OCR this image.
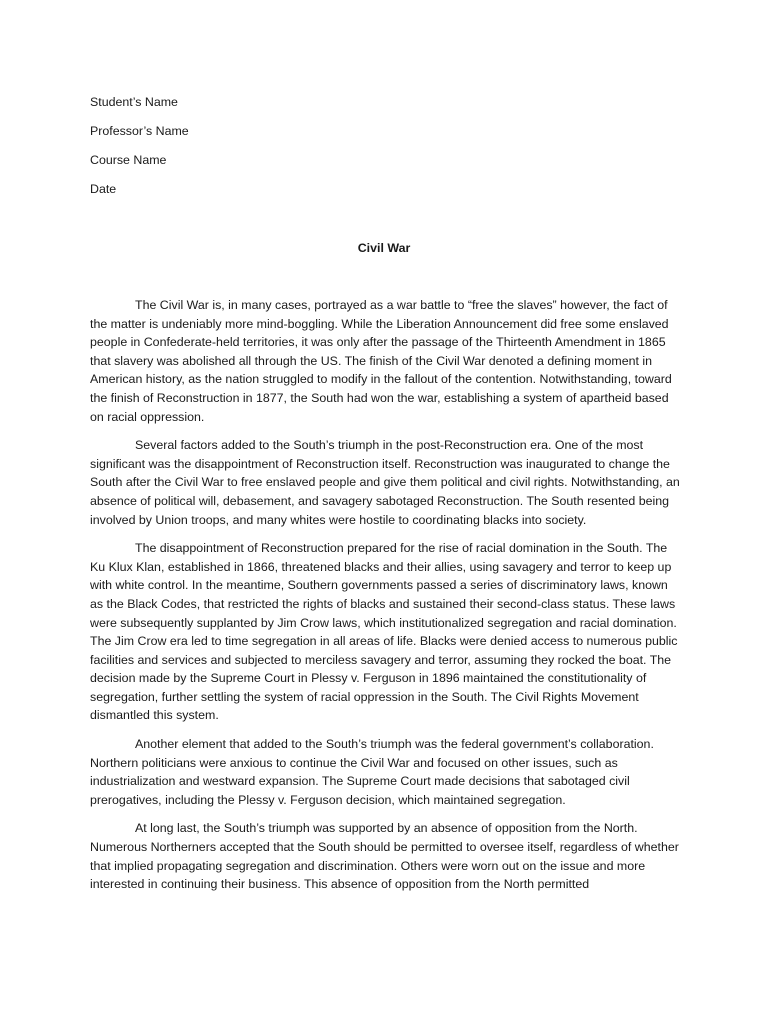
Student’s Name

Professor’s Name

Course Name

Date

Civil War

The Civil War is, in many cases, portrayed as a war battle to “free the slaves” however, the fact of the matter is undeniably more mind-boggling. While the Liberation Announcement did free some enslaved people in Confederate-held territories, it was only after the passage of the Thirteenth Amendment in 1865 that slavery was abolished all through the US. The finish of the Civil War denoted a defining moment in American history, as the nation struggled to modify in the fallout of the contention. Notwithstanding, toward the finish of Reconstruction in 1877, the South had won the war, establishing a system of apartheid based on racial oppression.

Several factors added to the South’s triumph in the post-Reconstruction era. One of the most significant was the disappointment of Reconstruction itself. Reconstruction was inaugurated to change the South after the Civil War to free enslaved people and give them political and civil rights. Notwithstanding, an absence of political will, debasement, and savagery sabotaged Reconstruction. The South resented being involved by Union troops, and many whites were hostile to coordinating blacks into society.

The disappointment of Reconstruction prepared for the rise of racial domination in the South. The Ku Klux Klan, established in 1866, threatened blacks and their allies, using savagery and terror to keep up with white control. In the meantime, Southern governments passed a series of discriminatory laws, known as the Black Codes, that restricted the rights of blacks and sustained their second-class status. These laws were subsequently supplanted by Jim Crow laws, which institutionalized segregation and racial domination. The Jim Crow era led to time segregation in all areas of life. Blacks were denied access to numerous public facilities and services and subjected to merciless savagery and terror, assuming they rocked the boat. The decision made by the Supreme Court in Plessy v. Ferguson in 1896 maintained the constitutionality of segregation, further settling the system of racial oppression in the South. The Civil Rights Movement dismantled this system.

Another element that added to the South’s triumph was the federal government’s collaboration. Northern politicians were anxious to continue the Civil War and focused on other issues, such as industrialization and westward expansion. The Supreme Court made decisions that sabotaged civil prerogatives, including the Plessy v. Ferguson decision, which maintained segregation.

At long last, the South’s triumph was supported by an absence of opposition from the North. Numerous Northerners accepted that the South should be permitted to oversee itself, regardless of whether that implied propagating segregation and discrimination. Others were worn out on the issue and more interested in continuing their business. This absence of opposition from the North permitted
